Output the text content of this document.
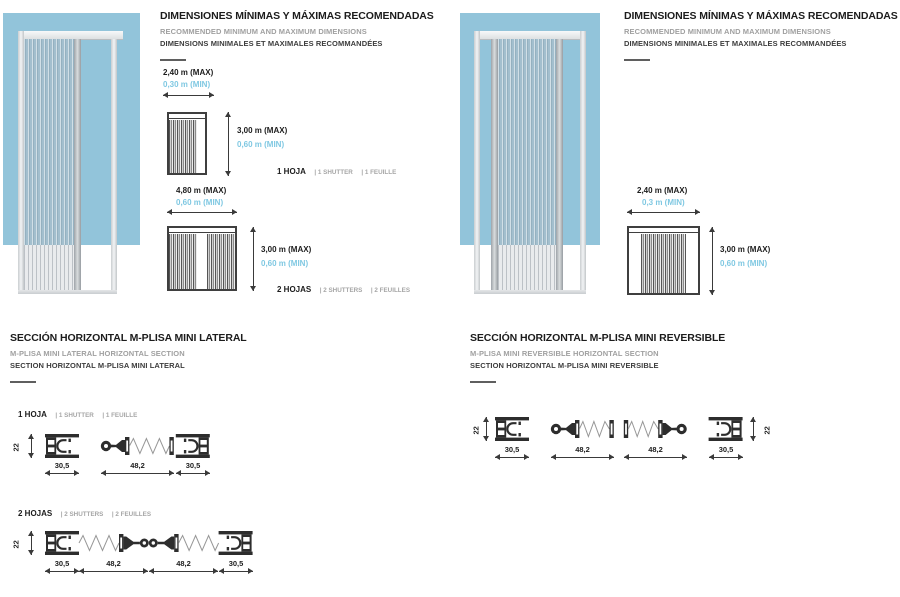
DIMENSIONES MÍNIMAS Y MÁXIMAS RECOMENDADAS
RECOMMENDED MINIMUM AND MAXIMUM DIMENSIONS
DIMENSIONS MINIMALES ET MAXIMALES RECOMMANDÉES
2,40 m (MAX)
0,30 m (MIN)
3,00 m (MAX)
0,60 m (MIN)
1 HOJA | 1 SHUTTER | 1 FEUILLE
4,80 m (MAX)
0,60 m (MIN)
3,00 m (MAX)
0,60 m (MIN)
2 HOJAS | 2 SHUTTERS | 2 FEUILLES
DIMENSIONES MÍNIMAS Y MÁXIMAS RECOMENDADAS
RECOMMENDED MINIMUM AND MAXIMUM DIMENSIONS
DIMENSIONS MINIMALES ET MAXIMALES RECOMMANDÉES
2,40 m (MAX)
0,3 m (MIN)
3,00 m (MAX)
0,60 m (MIN)
SECCIÓN HORIZONTAL M-PLISA MINI LATERAL
M-PLISA MINI LATERAL HORIZONTAL SECTION
SECTION HORIZONTAL M-PLISA MINI LATERAL
1 HOJA | 1 SHUTTER | 1 FEUILLE
22
30,5	48,2	30,5
2 HOJAS | 2 SHUTTERS | 2 FEUILLES
22
30,5	48,2	48,2	30,5
SECCIÓN HORIZONTAL M-PLISA MINI REVERSIBLE
M-PLISA MINI REVERSIBLE HORIZONTAL SECTION
SECTION HORIZONTAL M-PLISA MINI REVERSIBLE
22	22
30,5	48,2	48,2	30,5
